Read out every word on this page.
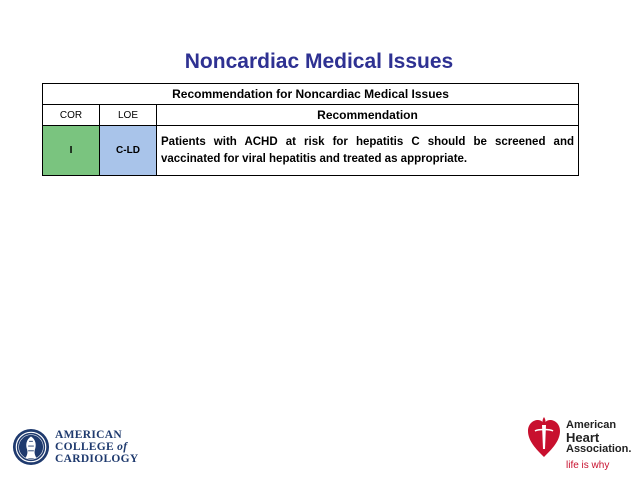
Noncardiac Medical Issues
Recommendation for Noncardiac Medical Issues		
COR	LOE	Recommendation
I	C-LD	Patients with ACHD at risk for hepatitis C should be screened and vaccinated for viral hepatitis and treated as appropriate.
AMERICAN
COLLEGE of
CARDIOLOGY
American
Heart
Association.
life is why
